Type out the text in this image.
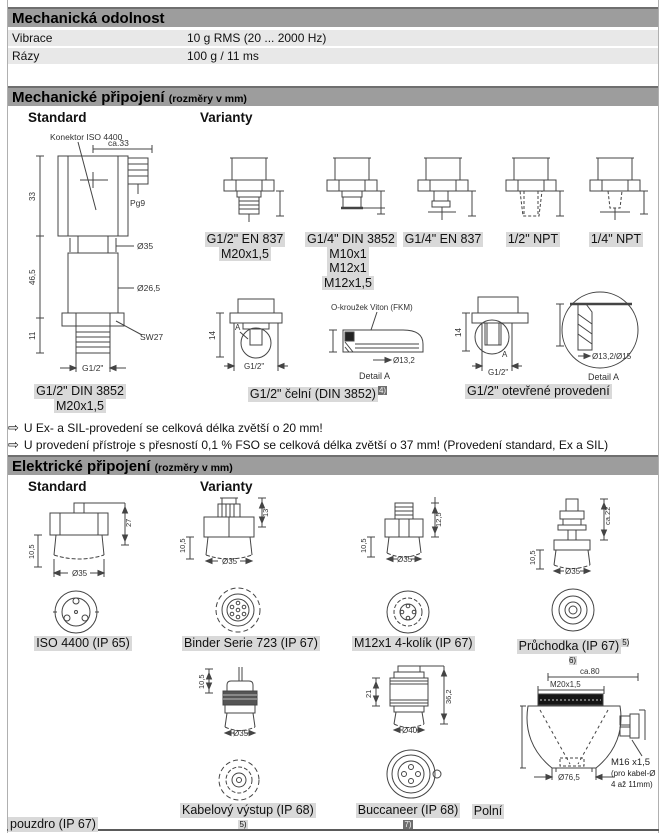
Mechanická odolnost
Vibrace	10 g RMS (20 ... 2000 Hz)
Rázy	100 g / 11 ms
Mechanické připojení (rozměry v mm)
Standard	Varianty
Konektor ISO 4400
ca.33
33
46,5
11
Pg9
Ø35
Ø26,5
SW27
G1/2"
G1/2" DIN 3852
M20x1,5
G1/2" EN 837
M20x1,5
G1/4" DIN 3852
M10x1
M12x1
M12x1,5
G1/4" EN 837	1/2" NPT	1/4" NPT
A
14
G1/2"
O-kroužek Viton (FKM)
Ø13,2
Detail A
G1/2" čelní (DIN 3852) $^{4)}$
A
14
G1/2"
Ø13,2/Ø15
Detail A
G1/2" otevřené provedení
⇨ U Ex- a SIL-provedení se celková délka zvětší o 20 mm!
⇨ U provedení přístroje s přesností 0,1 % FSO se celková délka zvětší o 37 mm! (Provedení standard, Ex a SIL)
Elektrické připojení (rozměry v mm)
Standard	Varianty
27
10,5
Ø35
ISO 4400 (IP 65)
13
10,5
Ø35
Binder Serie 723 (IP 67)
12,5
10,5
Ø35
M12x1 4-kolík (IP 67)
ca.22
10,5
Ø35
Průchodka (IP 67) $^{5) 6)}$
10,5
Ø35
Kabelový výstup (IP 68)$^{5)}$
21	36,2
Ø40
Buccaneer (IP 68)$^{7)}$
ca.80
M20x1,5
Ø76,5
M16 x1,5
(pro kabel-Ø
4 až 11mm)
Polní
pouzdro (IP 67)
